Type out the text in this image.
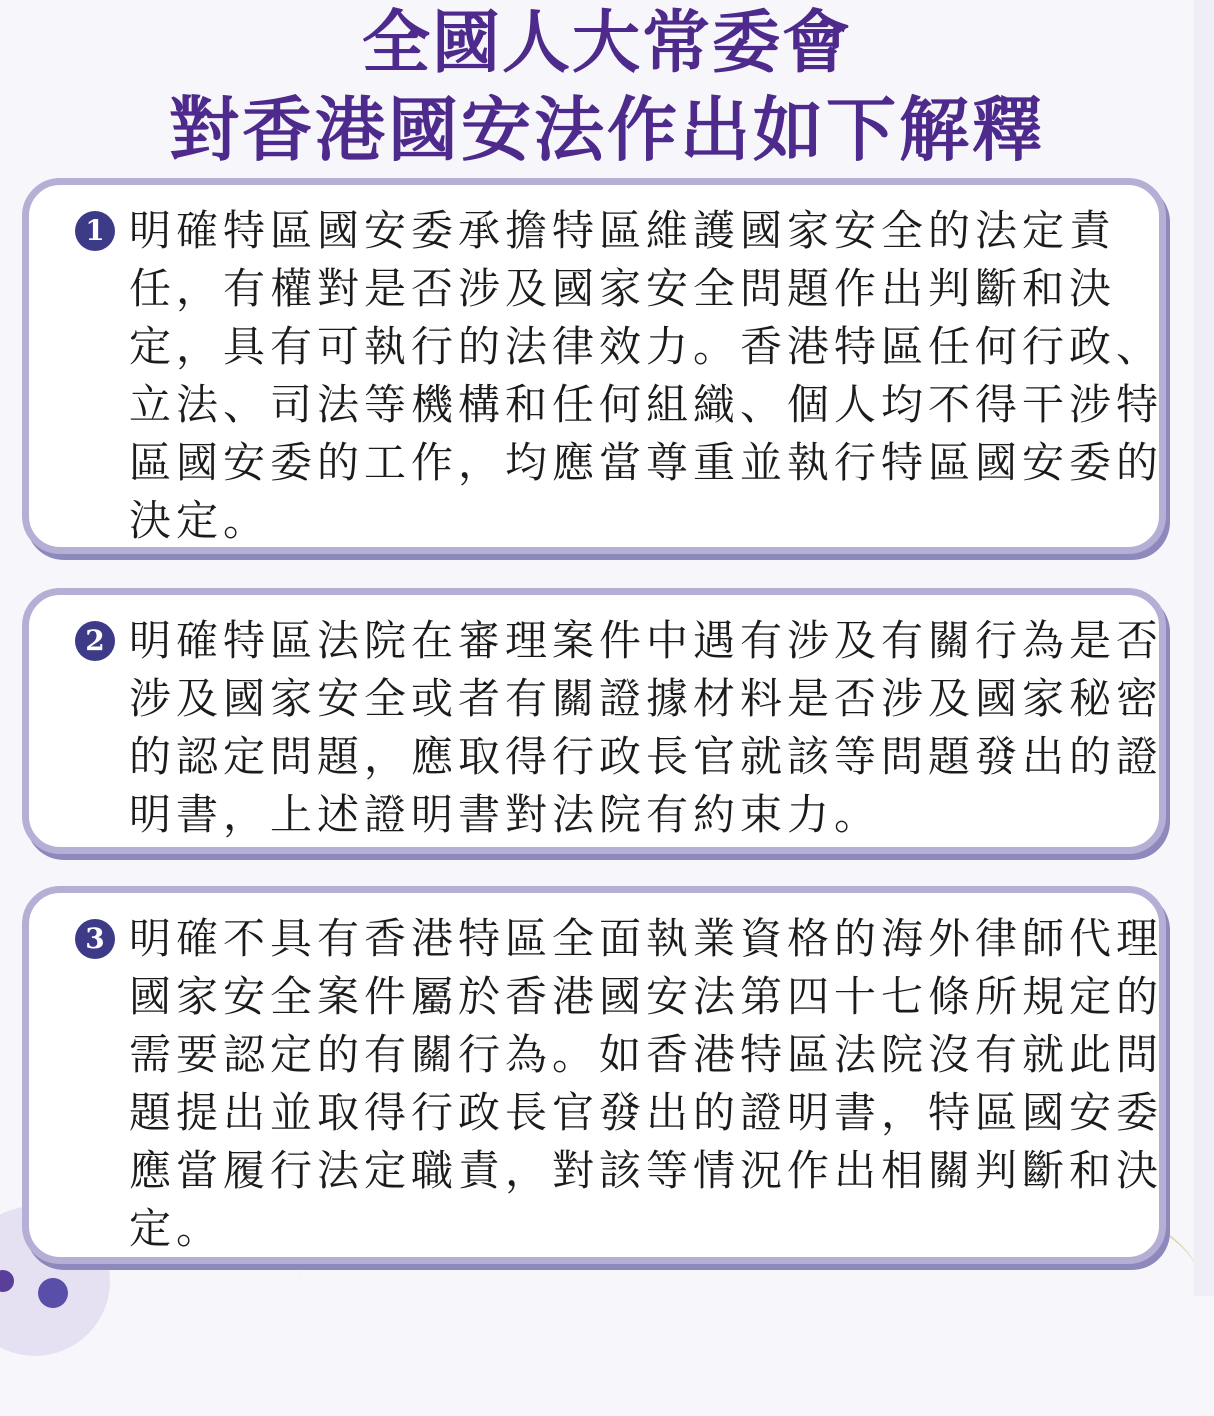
全國人大常委會
對香港國安法作出如下解釋
1 明確特區國安委承擔特區維護國家安全的法定責
任，有權對是否涉及國家安全問題作出判斷和決
定，具有可執行的法律效力。香港特區任何行政、
立法、司法等機構和任何組織、個人均不得干涉特
區國安委的工作，均應當尊重並執行特區國安委的
決定。

2 明確特區法院在審理案件中遇有涉及有關行為是否
涉及國家安全或者有關證據材料是否涉及國家秘密
的認定問題，應取得行政長官就該等問題發出的證
明書，上述證明書對法院有約束力。

3 明確不具有香港特區全面執業資格的海外律師代理
國家安全案件屬於香港國安法第四十七條所規定的
需要認定的有關行為。如香港特區法院沒有就此問
題提出並取得行政長官發出的證明書，特區國安委
應當履行法定職責，對該等情況作出相關判斷和決
定。
